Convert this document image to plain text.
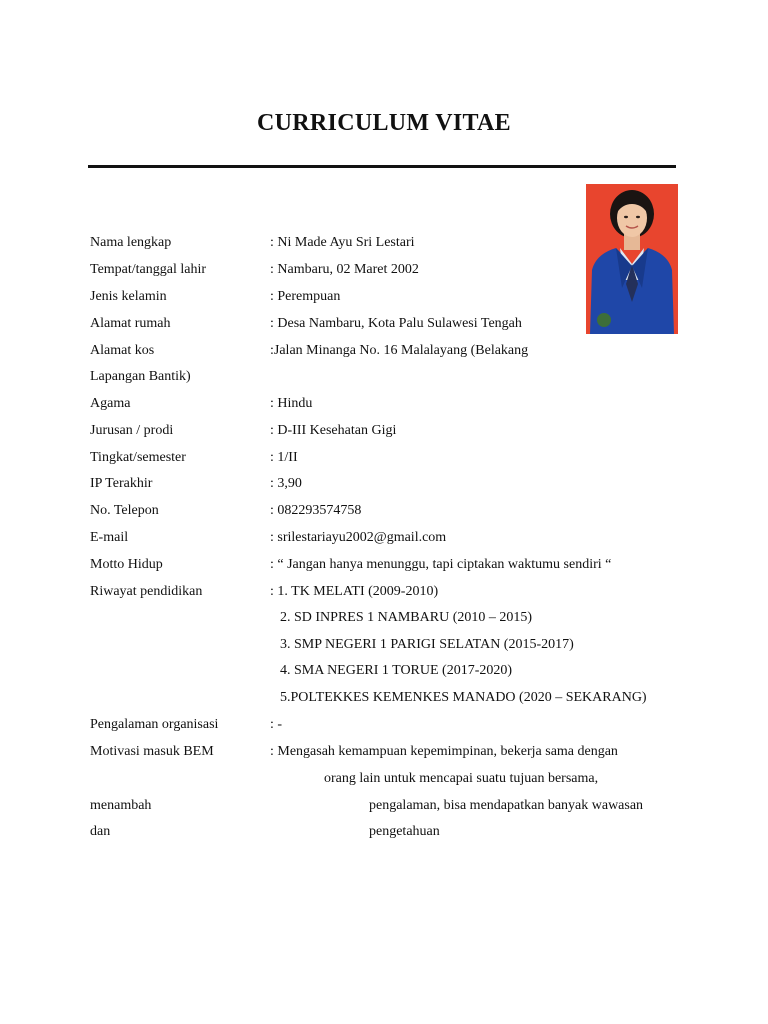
CURRICULUM VITAE
Nama lengkap	: Ni Made Ayu Sri Lestari
Tempat/tanggal lahir	: Nambaru, 02 Maret 2002
Jenis kelamin	: Perempuan
Alamat rumah	: Desa Nambaru, Kota Palu Sulawesi Tengah
Alamat kos	:Jalan Minanga No. 16 Malalayang (Belakang
Lapangan Bantik)
Agama	: Hindu
Jurusan / prodi	: D-III Kesehatan Gigi
Tingkat/semester	: 1/II
IP Terakhir	: 3,90
No. Telepon	: 082293574758
E-mail	: srilestariayu2002@gmail.com
Motto Hidup	: “ Jangan hanya menunggu, tapi ciptakan waktumu sendiri “
Riwayat pendidikan	: 1. TK MELATI (2009-2010)
2. SD INPRES 1 NAMBARU (2010 – 2015)
3. SMP NEGERI 1 PARIGI SELATAN (2015-2017)
4. SMA NEGERI 1 TORUE (2017-2020)
5.POLTEKKES KEMENKES MANADO (2020 – SEKARANG)
Pengalaman organisasi	: -
Motivasi masuk BEM	: Mengasah kemampuan kepemimpinan, bekerja sama dengan
orang lain untuk mencapai suatu tujuan bersama,
menambah	pengalaman, bisa mendapatkan banyak wawasan
dan	pengetahuan
